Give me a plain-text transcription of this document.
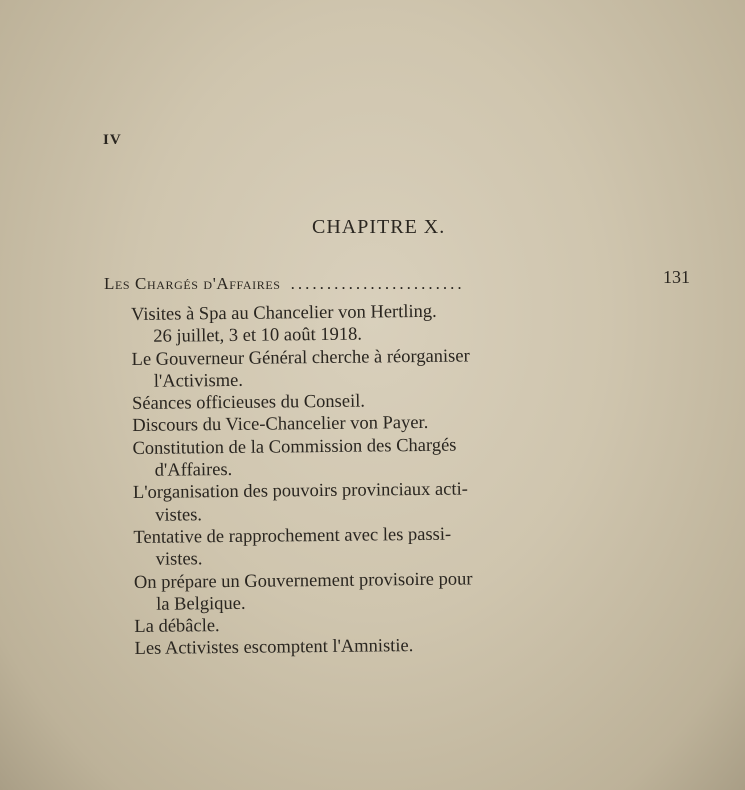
IV
CHAPITRE X.
Les Chargés d'Affaires ........................	131
Visites à Spa au Chancelier von Hertling.
26 juillet, 3 et 10 août 1918.
Le Gouverneur Général cherche à réorganiser
l'Activisme.
Séances officieuses du Conseil.
Discours du Vice-Chancelier von Payer.
Constitution de la Commission des Chargés
d'Affaires.
L'organisation des pouvoirs provinciaux acti-
vistes.
Tentative de rapprochement avec les passi-
vistes.
On prépare un Gouvernement provisoire pour
la Belgique.
La débâcle.
Les Activistes escomptent l'Amnistie.
